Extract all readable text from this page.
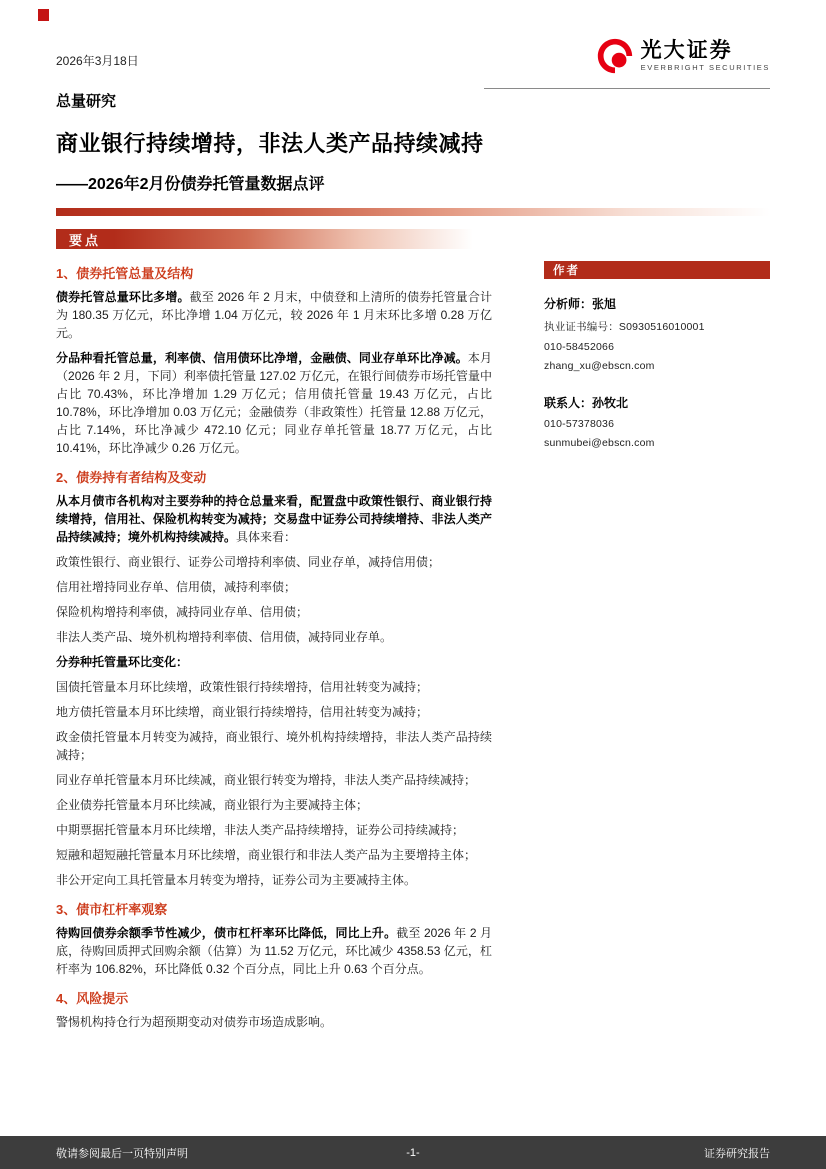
2026年3月18日	光大证券
EVERBRIGHT SECURITIES
总量研究
商业银行持续增持，非法人类产品持续减持
——2026年2月份债券托管量数据点评
要点
1、债券托管总量及结构

债券托管总量环比多增。截至 2026 年 2 月末，中债登和上清所的债券托管量合计为 180.35 万亿元，环比净增 1.04 万亿元，较 2026 年 1 月末环比多增 0.28 万亿元。

分品种看托管总量，利率债、信用债环比净增，金融债、同业存单环比净减。本月（2026 年 2 月，下同）利率债托管量 127.02 万亿元，在银行间债券市场托管量中占比 70.43%，环比净增加 1.29 万亿元；信用债托管量 19.43 万亿元，占比 10.78%，环比净增加 0.03 万亿元；金融债券（非政策性）托管量 12.88 万亿元，占比 7.14%，环比净减少 472.10 亿元；同业存单托管量 18.77 万亿元，占比 10.41%，环比净减少 0.26 万亿元。

2、债券持有者结构及变动

从本月债市各机构对主要券种的持仓总量来看，配置盘中政策性银行、商业银行持续增持，信用社、保险机构转变为减持；交易盘中证券公司持续增持、非法人类产品持续减持；境外机构持续减持。具体来看：

政策性银行、商业银行、证券公司增持利率债、同业存单，减持信用债；

信用社增持同业存单、信用债，减持利率债；

保险机构增持利率债，减持同业存单、信用债；

非法人类产品、境外机构增持利率债、信用债，减持同业存单。

分券种托管量环比变化：

国债托管量本月环比续增，政策性银行持续增持，信用社转变为减持；

地方债托管量本月环比续增，商业银行持续增持，信用社转变为减持；

政金债托管量本月转变为减持，商业银行、境外机构持续增持，非法人类产品持续减持；

同业存单托管量本月环比续减，商业银行转变为增持，非法人类产品持续减持；

企业债券托管量本月环比续减，商业银行为主要减持主体；

中期票据托管量本月环比续增，非法人类产品持续增持，证券公司持续减持；

短融和超短融托管量本月环比续增，商业银行和非法人类产品为主要增持主体；

非公开定向工具托管量本月转变为增持，证券公司为主要减持主体。

3、债市杠杆率观察

待购回债券余额季节性减少，债市杠杆率环比降低，同比上升。截至 2026 年 2 月底，待购回质押式回购余额（估算）为 11.52 万亿元，环比减少 4358.53 亿元，杠杆率为 106.82%，环比降低 0.32 个百分点，同比上升 0.63 个百分点。

4、风险提示

警惕机构持仓行为超预期变动对债券市场造成影响。

作者
分析师：张旭
执业证书编号：S0930516010001
010-58452066
zhang_xu@ebscn.com
联系人：孙牧北
010-57378036
sunmubei@ebscn.com
敬请参阅最后一页特别声明	-1-	证券研究报告
